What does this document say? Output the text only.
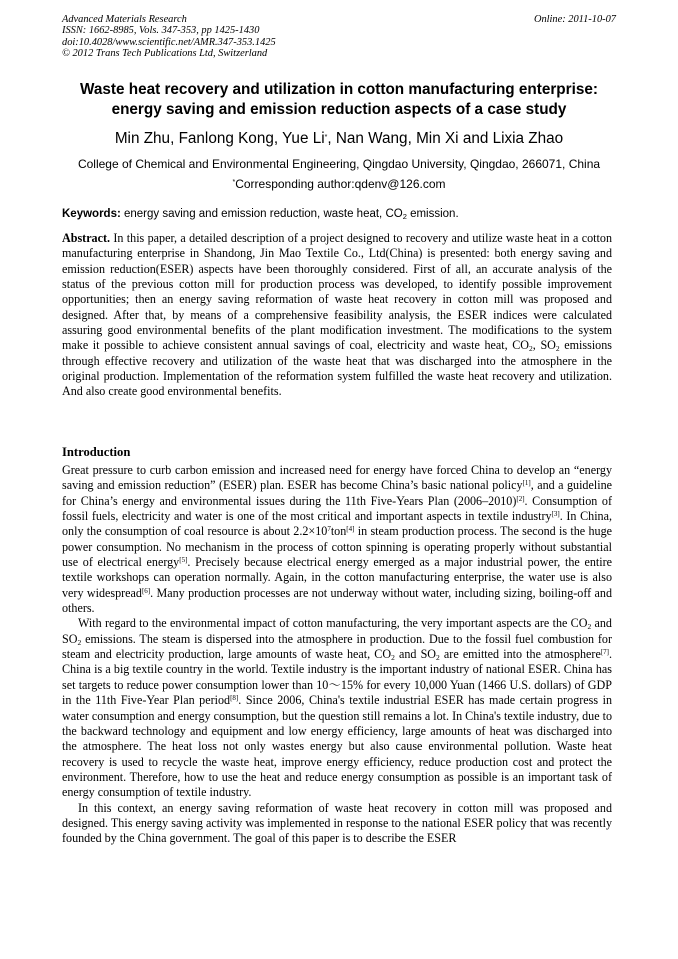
Advanced Materials Research	Online: 2011-10-07
ISSN: 1662-8985, Vols. 347-353, pp 1425-1430
doi:10.4028/www.scientific.net/AMR.347-353.1425
© 2012 Trans Tech Publications Ltd, Switzerland
Waste heat recovery and utilization in cotton manufacturing enterprise:
energy saving and emission reduction aspects of a case study
Min Zhu, Fanlong Kong, Yue Li*, Nan Wang, Min Xi and Lixia Zhao
College of Chemical and Environmental Engineering, Qingdao University, Qingdao, 266071, China
*Corresponding author:qdenv@126.com
Keywords: energy saving and emission reduction, waste heat, $CO_2$ emission.

Abstract. In this paper, a detailed description of a project designed to recovery and utilize waste heat in a cotton manufacturing enterprise in Shandong, Jin Mao Textile Co., Ltd(China) is presented: both energy saving and emission reduction(ESER) aspects have been thoroughly considered. First of all, an accurate analysis of the status of the previous cotton mill for production process was developed, to identify possible improvement opportunities; then an energy saving reformation of waste heat recovery in cotton mill was proposed and designed. After that, by means of a comprehensive feasibility analysis, the ESER indices were calculated assuring good environmental benefits of the plant modification investment. The modifications to the system make it possible to achieve consistent annual savings of coal, electricity and waste heat, $CO_2$, $SO_2$ emissions through effective recovery and utilization of the waste heat that was discharged into the atmosphere in the original production. Implementation of the reformation system fulfilled the waste heat recovery and utilization. And also create good environmental benefits.

Introduction

Great pressure to curb carbon emission and increased need for energy have forced China to develop an “energy saving and emission reduction” (ESER) plan. ESER has become China’s basic national policy[1], and a guideline for China’s energy and environmental issues during the 11th Five-Years Plan (2006–2010)[2]. Consumption of fossil fuels, electricity and water is one of the most critical and important aspects in textile industry[3]. In China, only the consumption of coal resource is about $2.2\times 10^7ton[4]$ in steam production process. The second is the huge power consumption. No mechanism in the process of cotton spinning is operating properly without substantial use of electrical energy[5]. Precisely because electrical energy emerged as a major industrial power, the entire textile workshops can operation normally. Again, in the cotton manufacturing enterprise, the water use is also very widespread[6]. Many production processes are not underway without water, including sizing, boiling-off and others.

With regard to the environmental impact of cotton manufacturing, the very important aspects are the $CO_2$ and $SO_2$ emissions. The steam is dispersed into the atmosphere in production. Due to the fossil fuel combustion for steam and electricity production, large amounts of waste heat, $CO_2$ and $SO_2$ are emitted into the atmosphere[7]. China is a big textile country in the world. Textile industry is the important industry of national ESER. China has set targets to reduce power consumption lower than 10～15% for every 10,000 Yuan (1466 U.S. dollars) of GDP in the 11th Five-Year Plan period[8]. Since 2006, China's textile industrial ESER has made certain progress in water consumption and energy consumption, but the question still remains a lot. In China's textile industry, due to the backward technology and equipment and low energy efficiency, large amounts of heat was discharged into the atmosphere. The heat loss not only wastes energy but also cause environmental pollution. Waste heat recovery is used to recycle the waste heat, improve energy efficiency, reduce production cost and protect the environment. Therefore, how to use the heat and reduce energy consumption as possible is an important task of energy consumption of textile industry.

In this context, an energy saving reformation of waste heat recovery in cotton mill was proposed and designed. This energy saving activity was implemented in response to the national ESER policy that was recently founded by the China government. The goal of this paper is to describe the ESER
